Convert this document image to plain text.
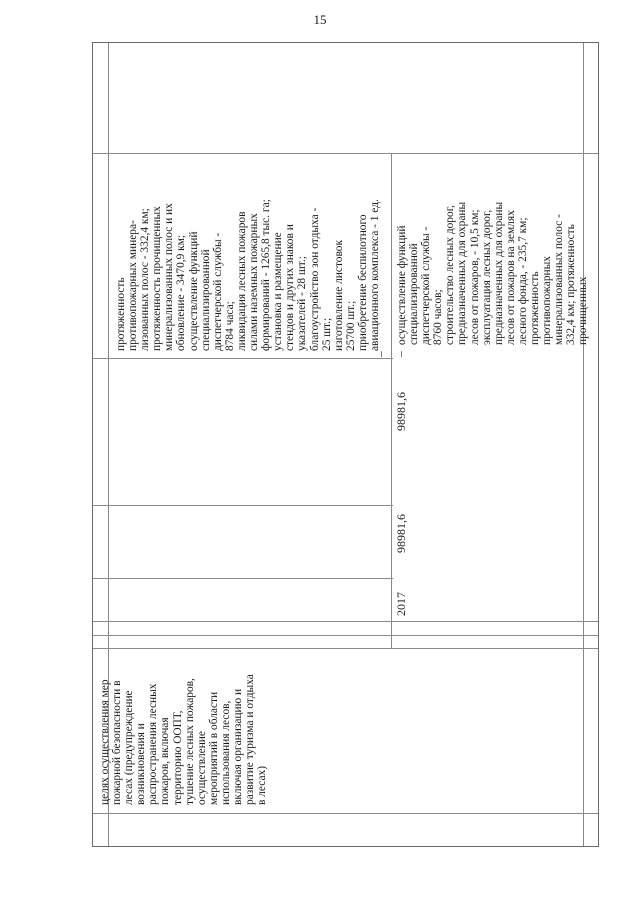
15
целях осуществления мер
пожарной безопасности в
лесах (предупреждение
возникновения и
распространения лесных
пожаров, включая
территорию ООПТ,
тушение лесных пожаров,
осуществление
мероприятий в области
использования лесов,
включая организацию и
развитие туризма и отдыха
в лесах)
2017
98981,6
98981,6
– –
протяженность
противопожарных минера-
лизованных полос - 332,4 км;
протяженность прочищенных
минерализованных полос и их
обновление - 3470,9 км;
осуществление функций
специализированной
диспетчерской службы -
8784 часа;
ликвидация лесных пожаров
силами наземных пожарных
формирований - 1265,8 тыс. га;
установка и размещение
стендов и других знаков и
указателей - 28 шт.;
благоустройство зон отдыха -
25 шт.;
изготовление листовок
25700 шт.;
приобретение беспилотного
авиационного комплекса - 1 ед.
осуществление функций
специализированной
диспетчерской службы -
8760 часов;
строительство лесных дорог,
предназначенных для охраны
лесов от пожаров, - 10,5 км;
эксплуатация лесных дорог,
предназначенных для охраны
лесов от пожаров на землях
лесного фонда, - 235,7 км;
протяженность
противопожарных
минерализованных полос -
332,4 км; протяженность
прочищенных
